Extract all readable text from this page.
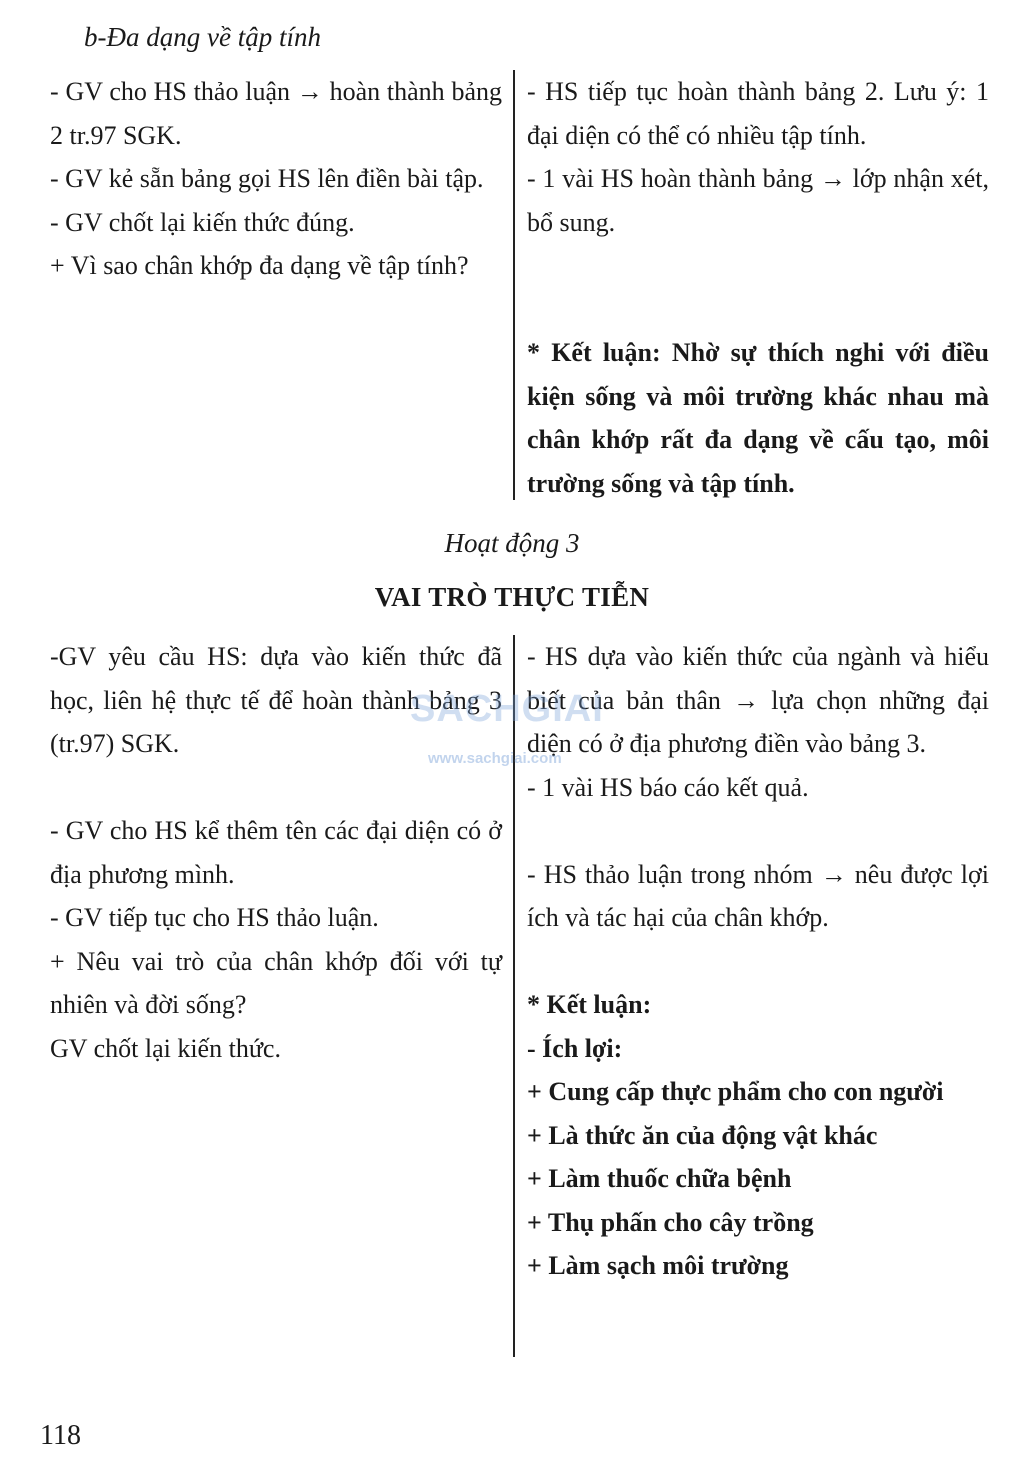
b-Đa dạng về tập tính

- GV cho HS thảo luận → hoàn thành bảng 2 tr.97 SGK.

- GV kẻ sẵn bảng gọi HS lên điền bài tập.

- GV chốt lại kiến thức đúng.

+ Vì sao chân khớp đa dạng về tập tính?

- HS tiếp tục hoàn thành bảng 2. Lưu ý: 1 đại diện có thể có nhiều tập tính.

- 1 vài HS hoàn thành bảng → lớp nhận xét, bổ sung.

* Kết luận: Nhờ sự thích nghi với điều kiện sống và môi trường khác nhau mà chân khớp rất đa dạng về cấu tạo, môi trường sống và tập tính.

Hoạt động 3
VAI TRÒ THỰC TIỄN

-GV yêu cầu HS: dựa vào kiến thức đã học, liên hệ thực tế để hoàn thành bảng 3 (tr.97) SGK.

- GV cho HS kể thêm tên các đại diện có ở địa phương mình.

- GV tiếp tục cho HS thảo luận.

+ Nêu vai trò của chân khớp đối với tự nhiên và đời sống?

GV chốt lại kiến thức.

- HS dựa vào kiến thức của ngành và hiểu biết của bản thân → lựa chọn những đại diện có ở địa phương điền vào bảng 3.

- 1 vài HS báo cáo kết quả.

- HS thảo luận trong nhóm → nêu được lợi ích và tác hại của chân khớp.

* Kết luận:

- Ích lợi:

+ Cung cấp thực phẩm cho con người

+ Là thức ăn của động vật khác

+ Làm thuốc chữa bệnh

+ Thụ phấn cho cây trồng

+ Làm sạch môi trường

SACHGIAI
www.sachgiai.com
118
